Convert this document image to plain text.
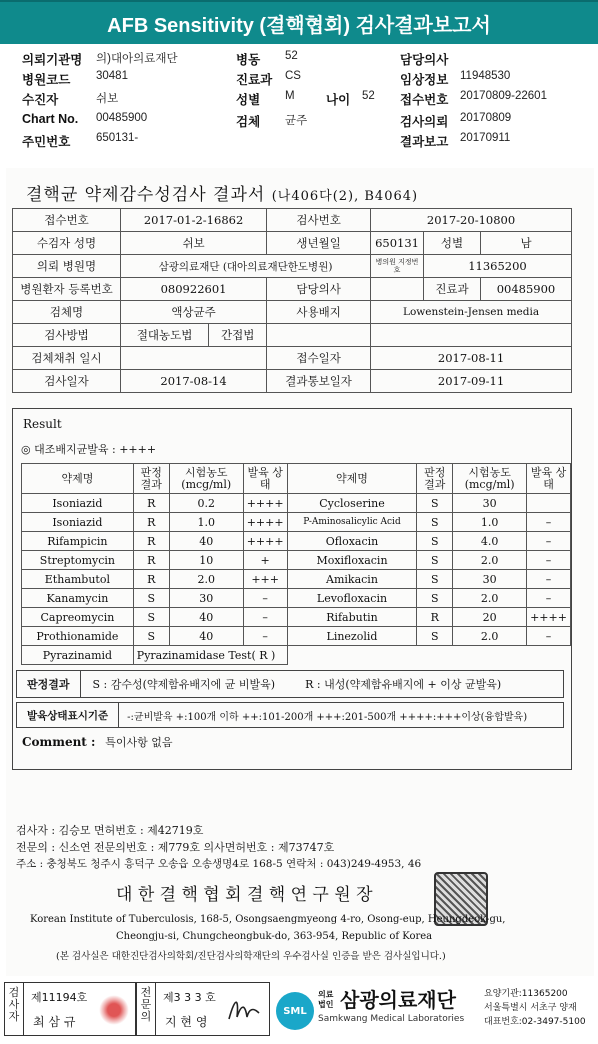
AFB Sensitivity (결핵협회) 검사결과보고서
의뢰기관명 의)대아의료재단	병동 52	담당의사
병원코드 30481	진료과 CS	임상정보 11948530
수진자	쉬보	성별 M	나이 52 접수번호 20170809-22601
Chart No. 00485900	검체 균주	검사의뢰 20170809
주민번호 650131-	결과보고 20170911
결핵균 약제감수성검사 결과서 (나406다(2), B4064)
접수번호	2017-01-2-16862		검사번호	2017-20-10800		
수검자 성명	쉬보		생년월일	650131	성별	남
의뢰 병원명	삼광의료재단 (대아의료재단한도병원)			병의원 지정번호	11365200	
병원환자 등록번호	080922601		담당의사		진료과	00485900
검체명	액상균주		사용배지	Lowenstein-Jensen media		
검사방법	절대농도법	간접법				
검체채취 일시			접수일자	2017-08-11		
검사일자	2017-08-14		결과통보일자	2017-09-11		
Result
◎ 대조배지균발육 : ++++
약제명	판정 결과	시험농도 (mcg/ml)	발육 상태	약제명	판정 결과	시험농도 (mcg/ml)	발육 상태
Isoniazid	R	0.2	++++	Cycloserine	S	30	
Isoniazid	R	1.0	++++	P-Aminosalicylic Acid	S	1.0	–
Rifampicin	R	40	++++	Ofloxacin	S	4.0	–
Streptomycin	R	10	+	Moxifloxacin	S	2.0	–
Ethambutol	R	2.0	+++	Amikacin	S	30	–
Kanamycin	S	30	–	Levofloxacin	S	2.0	–
Capreomycin	S	40	–	Rifabutin	R	20	++++
Prothionamide	S	40	–	Linezolid	S	2.0	–
Pyrazinamid	Pyrazinamidase Test( R )						
판정결과	S : 감수성(약제함유배지에 균 비발육)	R : 내성(약제함유배지에 + 이상 균발육)
발육상태표시기준	-:균비발육 +:100개 이하 ++:101-200개 +++:201-500개 ++++:+++이상(융합발육)
Comment : 특이사항 없음
검사자 : 김승모 면허번호 : 제42719호
전문의 : 신소연 전문의번호 : 제779호 의사면허번호 : 제73747호
주소 : 충청북도 청주시 흥덕구 오송읍 오송생명4로 168-5 연락처 : 043)249-4953, 46
대 한 결 핵 협 회 결 핵 연 구 원 장
Korean Institute of Tuberculosis, 168-5, Osongsaengmyeong 4-ro, Osong-eup, Heungdeok-gu,
Cheongju-si, Chungcheongbuk-do, 363-954, Republic of Korea
(본 검사실은 대한진단검사의학회/진단검사의학재단의 우수검사실 인증을 받은 검사실입니다.)
검사자
제11194호
최 삼 규
전문의
제3 3 3 호
지 현 영
SML
의료법인 삼광의료재단
Samkwang Medical Laboratories
요양기관:11365200
서울특별시 서초구 양재
대표번호:02-3497-5100
